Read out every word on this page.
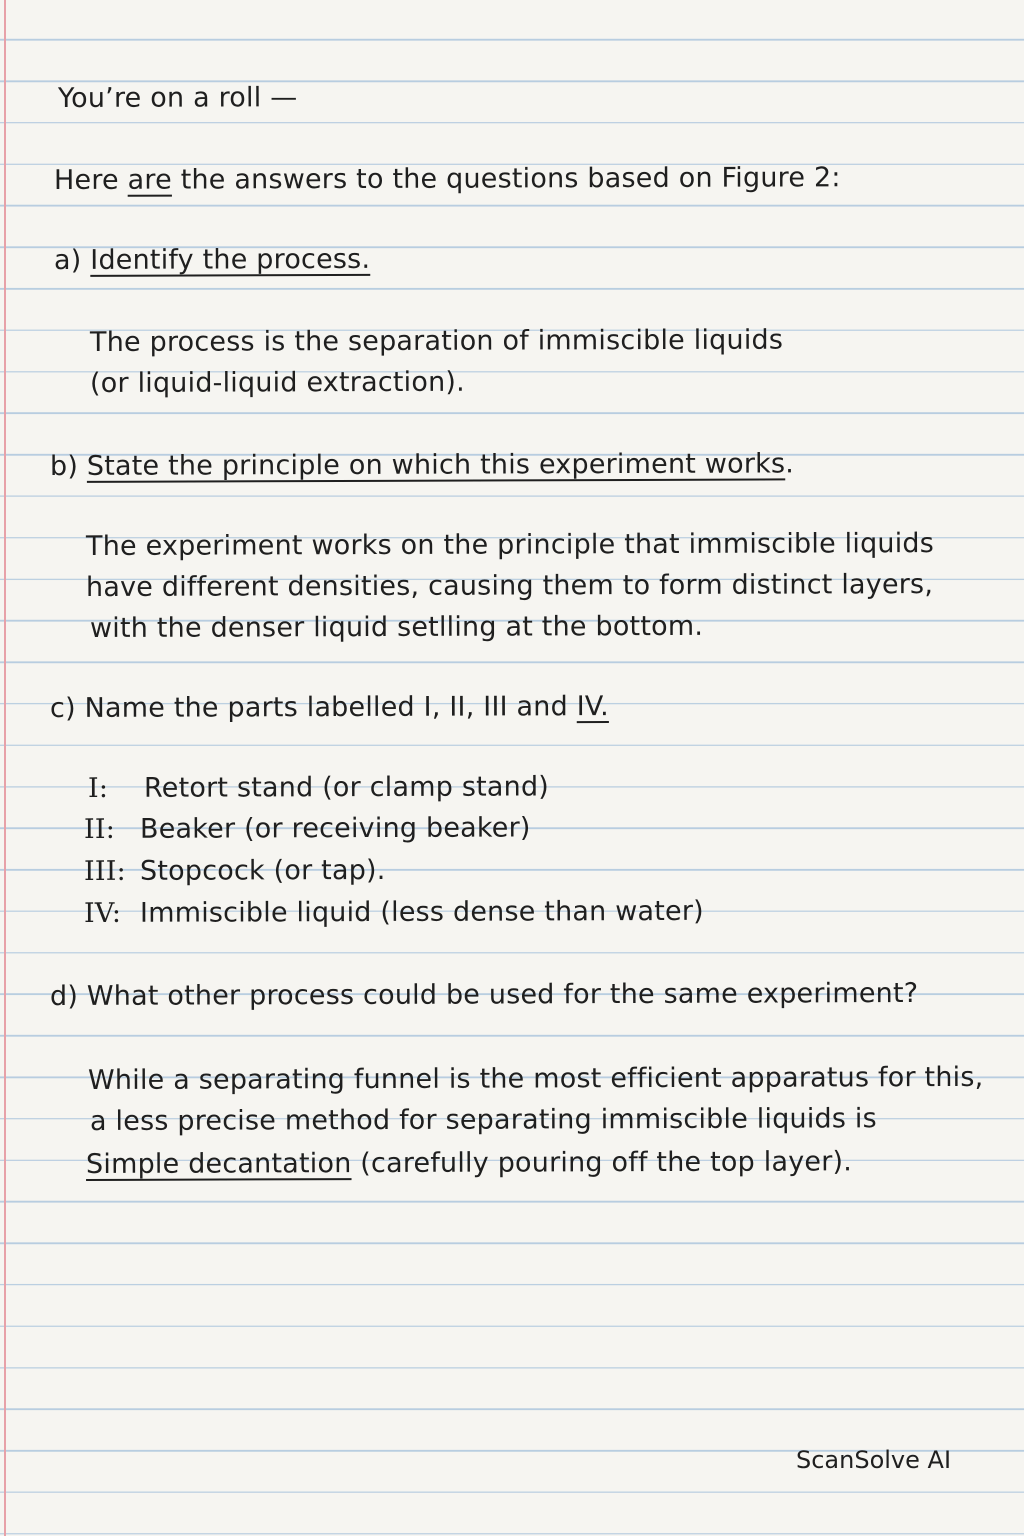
You’re on a roll —
Here are the answers to the questions based on Figure 2:
a) Identify the process.
The process is the separation of immiscible liquids
(or liquid-liquid extraction).
b) State the principle on which this experiment works.
The experiment works on the principle that immiscible liquids
have different densities, causing them to form distinct layers,
with the denser liquid setlling at the bottom.
c) Name the parts labelled I, II, III and IV.
I:	Retort stand (or clamp stand)
II: Beaker (or receiving beaker)
III: Stopcock (or tap).
IV: Immiscible liquid (less dense than water)
d) What other process could be used for the same experiment?
While a separating funnel is the most efficient apparatus for this,
a less precise method for separating immiscible liquids is
Simple decantation (carefully pouring off the top layer).
ScanSolve AI
